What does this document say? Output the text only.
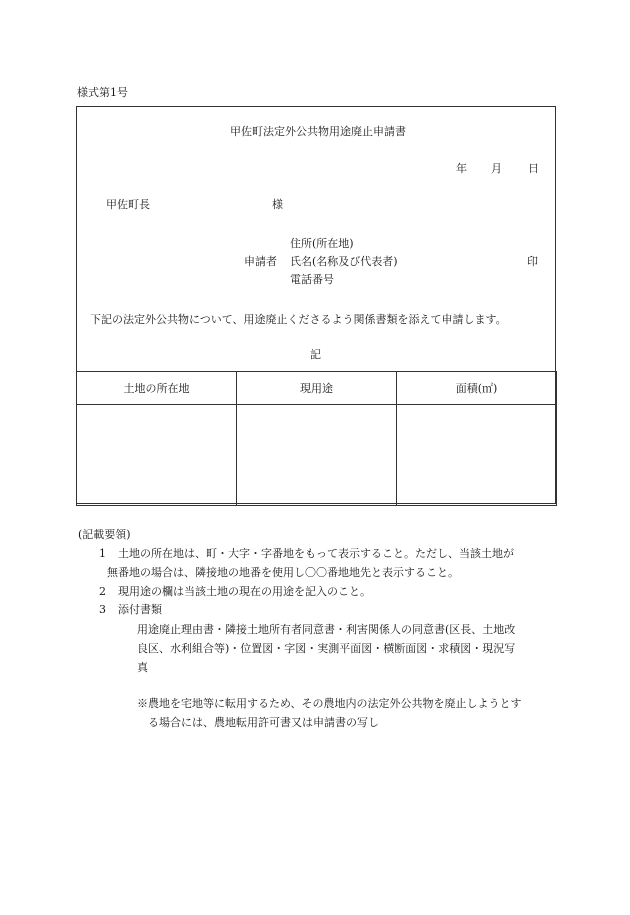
様式第1号
甲佐町法定外公共物用途廃止申請書
年 月 日
甲佐町長	様
住所(所在地)
申請者 氏名(名称及び代表者)	印
電話番号
下記の法定外公共物について、用途廃止くださるよう関係書類を添えて申請します。
記
土地の所在地	現用途	面積(㎡)

(記載要領)
1 土地の所在地は、町・大字・字番地をもって表示すること。ただし、当該土地が
無番地の場合は、隣接地の地番を使用し〇〇番地地先と表示すること。
2 現用途の欄は当該土地の現在の用途を記入のこと。
3 添付書類
用途廃止理由書・隣接土地所有者同意書・利害関係人の同意書(区長、土地改
良区、水利組合等)・位置図・字図・実測平面図・横断面図・求積図・現況写
真
※農地を宅地等に転用するため、その農地内の法定外公共物を廃止しようとす
る場合には、農地転用許可書又は申請書の写し
